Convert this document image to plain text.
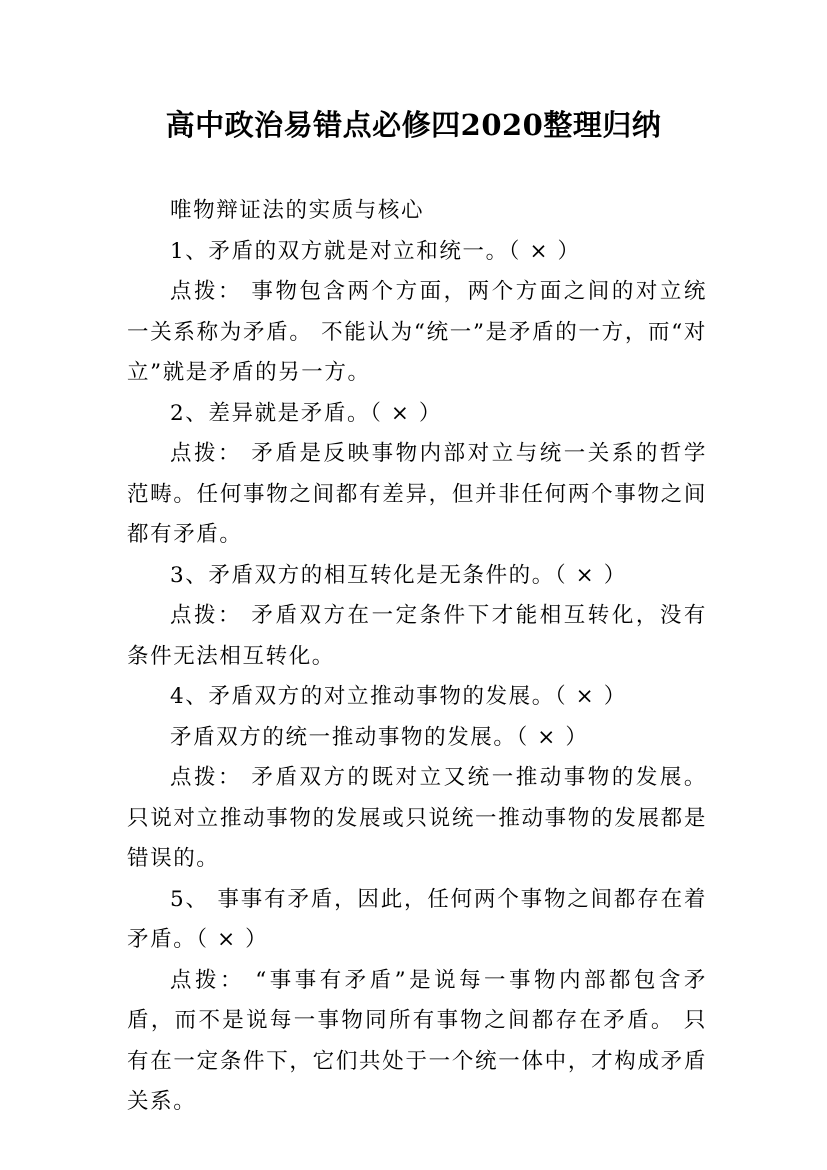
高中政治易错点必修四2020整理归纳

唯物辩证法的实质与核心

1、矛盾的双方就是对立和统一。（ × ）

点拨： 事物包含两个方面，两个方面之间的对立统一关系称为矛盾。 不能认为“统一”是矛盾的一方，而“对立”就是矛盾的另一方。

2、差异就是矛盾。（ × ）

点拨： 矛盾是反映事物内部对立与统一关系的哲学范畴。任何事物之间都有差异，但并非任何两个事物之间都有矛盾。

3、矛盾双方的相互转化是无条件的。（ × ）

点拨： 矛盾双方在一定条件下才能相互转化，没有条件无法相互转化。

4、矛盾双方的对立推动事物的发展。（ × ）

矛盾双方的统一推动事物的发展。（ × ）

点拨： 矛盾双方的既对立又统一推动事物的发展。 只说对立推动事物的发展或只说统一推动事物的发展都是错误的。

5、 事事有矛盾，因此，任何两个事物之间都存在着矛盾。（ × ）

点拨： “事事有矛盾”是说每一事物内部都包含矛盾，而不是说每一事物同所有事物之间都存在矛盾。 只有在一定条件下，它们共处于一个统一体中，才构成矛盾关系。
